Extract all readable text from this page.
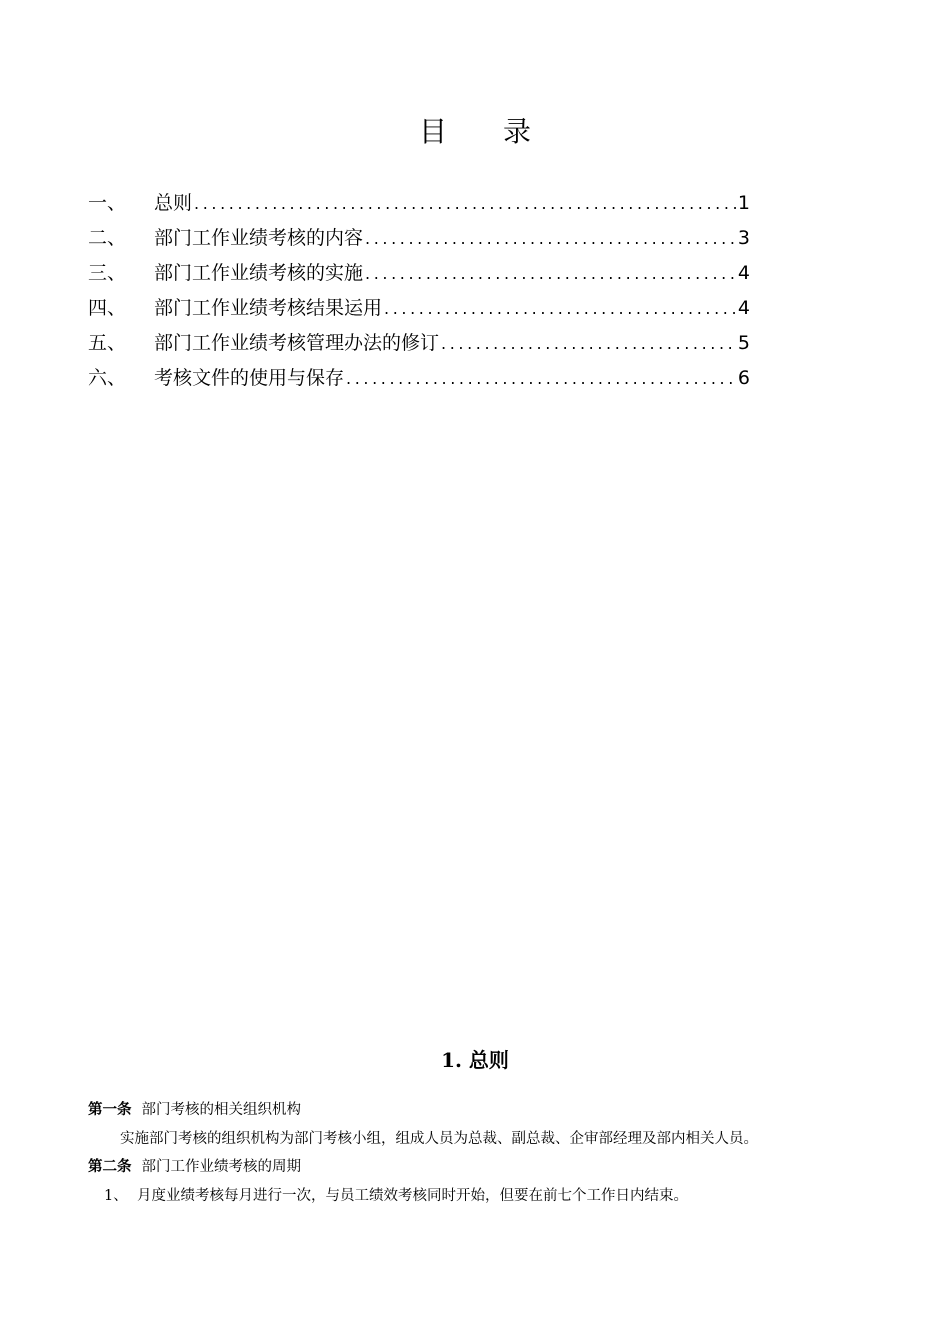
目录
一、	总则 .....	1
二、	部门工作业绩考核的内容 .....	3
三、	部门工作业绩考核的实施 .....	4
四、	部门工作业绩考核结果运用 .....	4
五、	部门工作业绩考核管理办法的修订 .....	5
六、	考核文件的使用与保存 .....	6
1. 总则
第一条 部门考核的相关组织机构
实施部门考核的组织机构为部门考核小组，组成人员为总裁、副总裁、企审部经理及部内相关人员。
第二条 部门工作业绩考核的周期
1、 月度业绩考核每月进行一次，与员工绩效考核同时开始，但要在前七个工作日内结束。
